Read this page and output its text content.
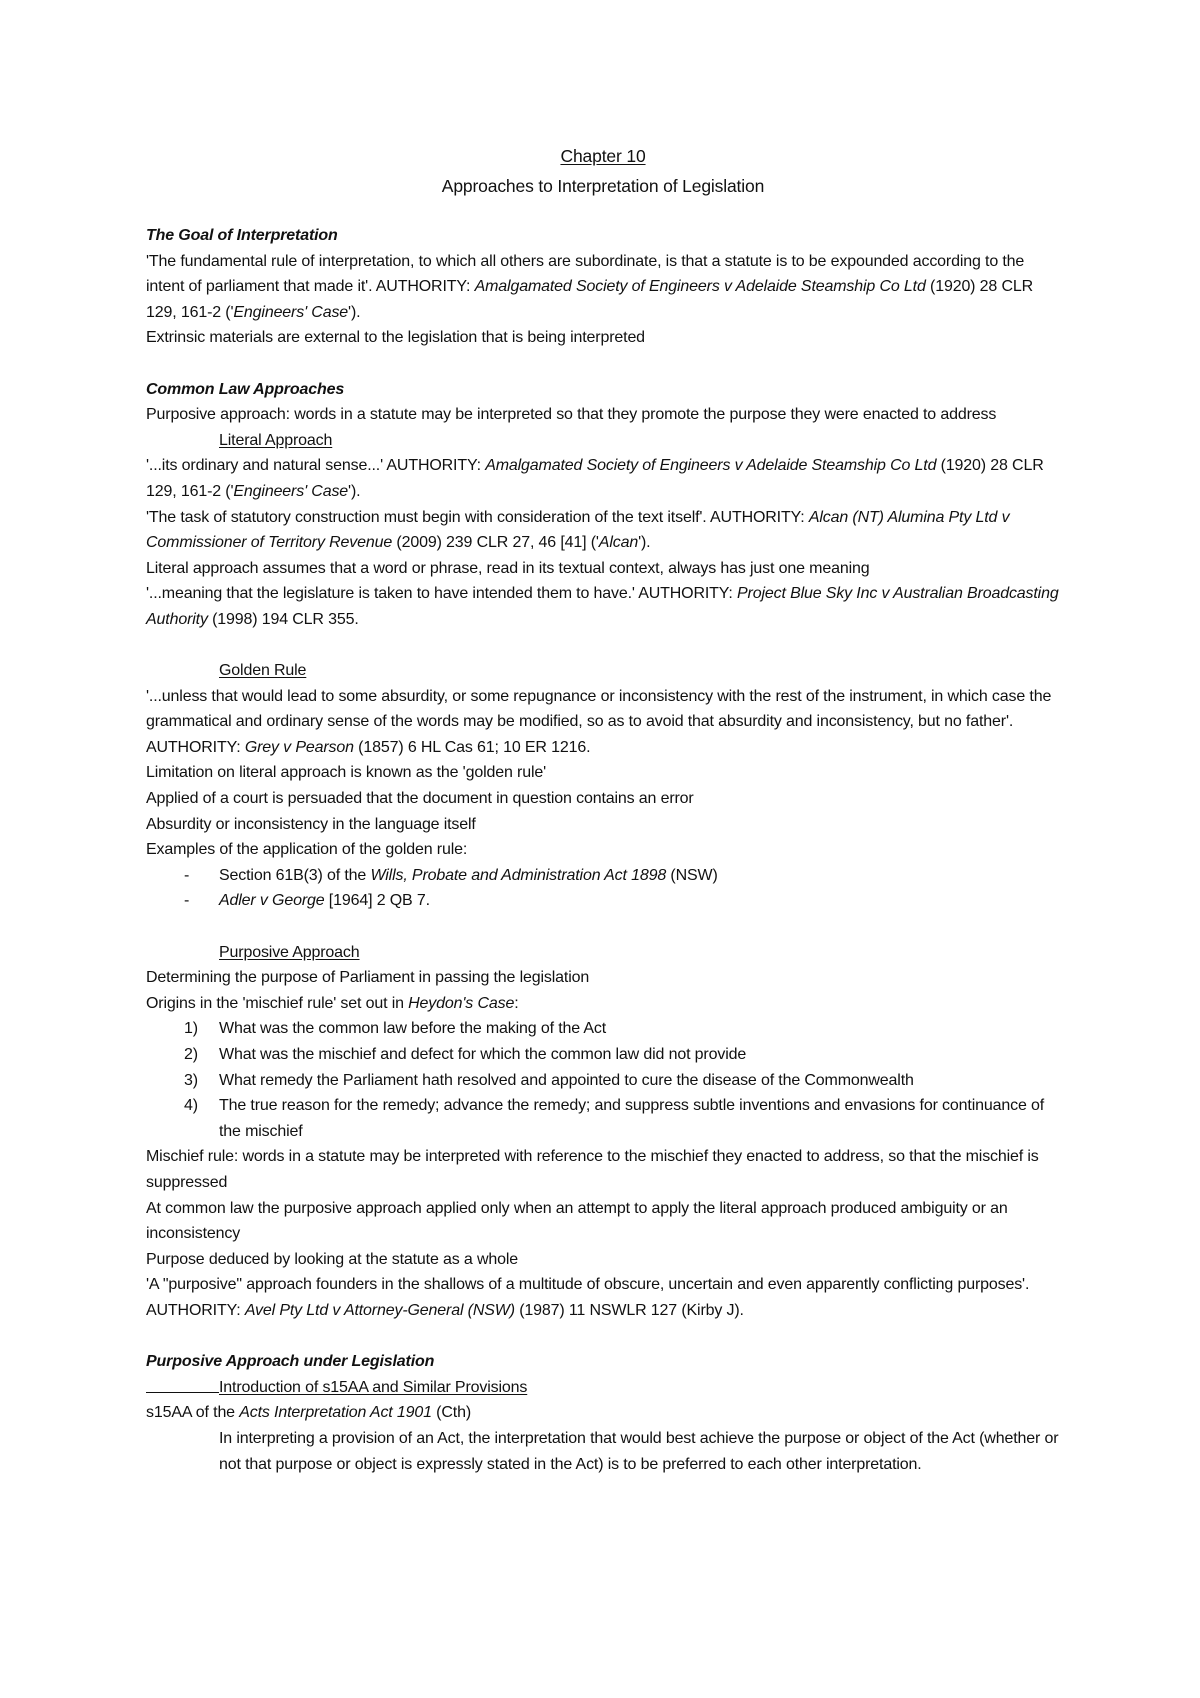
Chapter 10
Approaches to Interpretation of Legislation
The Goal of Interpretation
'The fundamental rule of interpretation, to which all others are subordinate, is that a statute is to be expounded according to the intent of parliament that made it'. AUTHORITY: Amalgamated Society of Engineers v Adelaide Steamship Co Ltd (1920) 28 CLR 129, 161-2 ('Engineers' Case').
Extrinsic materials are external to the legislation that is being interpreted
Common Law Approaches
Purposive approach: words in a statute may be interpreted so that they promote the purpose they were enacted to address
Literal Approach
'...its ordinary and natural sense...' AUTHORITY: Amalgamated Society of Engineers v Adelaide Steamship Co Ltd (1920) 28 CLR 129, 161-2 ('Engineers' Case').
'The task of statutory construction must begin with consideration of the text itself'. AUTHORITY: Alcan (NT) Alumina Pty Ltd v Commissioner of Territory Revenue (2009) 239 CLR 27, 46 [41] ('Alcan').
Literal approach assumes that a word or phrase, read in its textual context, always has just one meaning
'...meaning that the legislature is taken to have intended them to have.' AUTHORITY: Project Blue Sky Inc v Australian Broadcasting Authority (1998) 194 CLR 355.
Golden Rule
'...unless that would lead to some absurdity, or some repugnance or inconsistency with the rest of the instrument, in which case the grammatical and ordinary sense of the words may be modified, so as to avoid that absurdity and inconsistency, but no father'. AUTHORITY: Grey v Pearson (1857) 6 HL Cas 61; 10 ER 1216.
Limitation on literal approach is known as the 'golden rule'
Applied of a court is persuaded that the document in question contains an error
Absurdity or inconsistency in the language itself
Examples of the application of the golden rule:
-	Section 61B(3) of the Wills, Probate and Administration Act 1898 (NSW)
-	Adler v George [1964] 2 QB 7.
Purposive Approach
Determining the purpose of Parliament in passing the legislation
Origins in the 'mischief rule' set out in Heydon's Case:
1)	What was the common law before the making of the Act
2)	What was the mischief and defect for which the common law did not provide
3)	What remedy the Parliament hath resolved and appointed to cure the disease of the Commonwealth
4)	The true reason for the remedy; advance the remedy; and suppress subtle inventions and envasions for continuance of the mischief
Mischief rule: words in a statute may be interpreted with reference to the mischief they enacted to address, so that the mischief is suppressed
At common law the purposive approach applied only when an attempt to apply the literal approach produced ambiguity or an inconsistency
Purpose deduced by looking at the statute as a whole
'A "purposive" approach founders in the shallows of a multitude of obscure, uncertain and even apparently conflicting purposes'. AUTHORITY: Avel Pty Ltd v Attorney-General (NSW) (1987) 11 NSWLR 127 (Kirby J).
Purposive Approach under Legislation
Introduction of s15AA and Similar Provisions
s15AA of the Acts Interpretation Act 1901 (Cth)
In interpreting a provision of an Act, the interpretation that would best achieve the purpose or object of the Act (whether or not that purpose or object is expressly stated in the Act) is to be preferred to each other interpretation.
